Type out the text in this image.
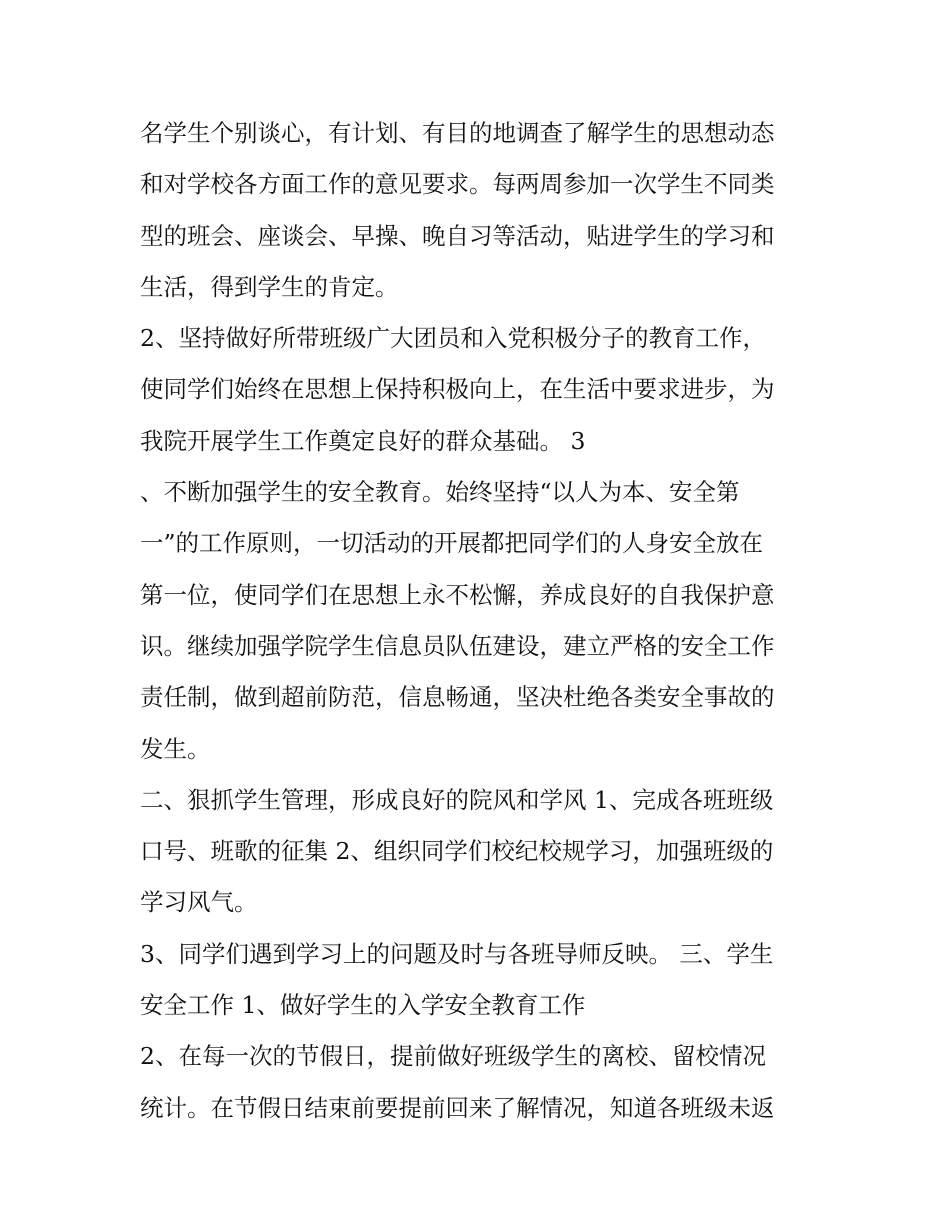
名学生个别谈心，有计划、有目的地调查了解学生的思想动态
和对学校各方面工作的意见要求。每两周参加一次学生不同类
型的班会、座谈会、早操、晚自习等活动，贴进学生的学习和
生活，得到学生的肯定。
2、坚持做好所带班级广大团员和入党积极分子的教育工作，
使同学们始终在思想上保持积极向上，在生活中要求进步，为
我院开展学生工作奠定良好的群众基础。 3
、不断加强学生的安全教育。始终坚持“以人为本、安全第
一”的工作原则，一切活动的开展都把同学们的人身安全放在
第一位，使同学们在思想上永不松懈，养成良好的自我保护意
识。继续加强学院学生信息员队伍建设，建立严格的安全工作
责任制，做到超前防范，信息畅通，坚决杜绝各类安全事故的
发生。
二、狠抓学生管理，形成良好的院风和学风 1、完成各班班级
口号、班歌的征集 2、组织同学们校纪校规学习，加强班级的
学习风气。
3、同学们遇到学习上的问题及时与各班导师反映。 三、学生
安全工作 1、做好学生的入学安全教育工作
2、在每一次的节假日，提前做好班级学生的离校、留校情况
统计。在节假日结束前要提前回来了解情况，知道各班级未返
